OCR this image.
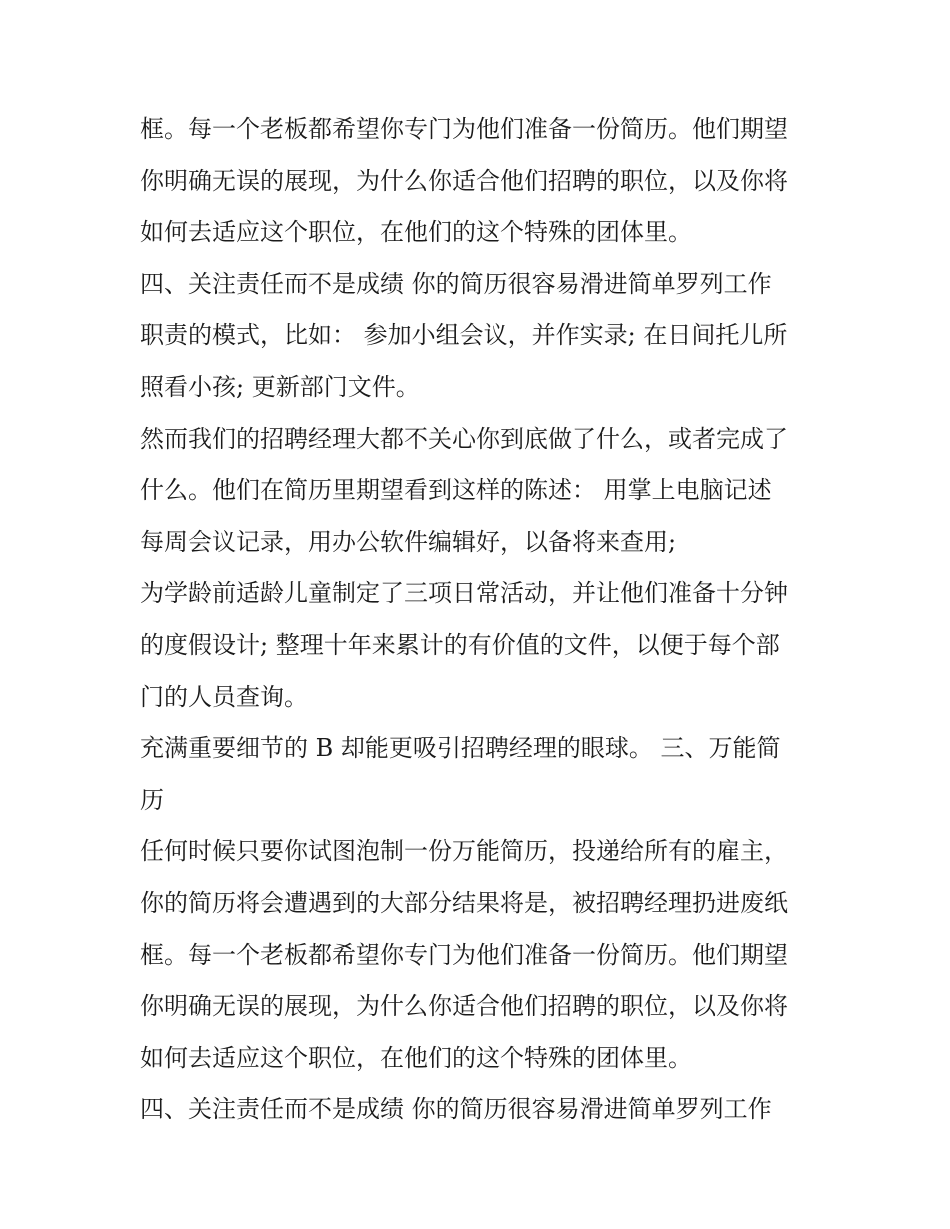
框。每一个老板都希望你专门为他们准备一份简历。他们期望
你明确无误的展现，为什么你适合他们招聘的职位，以及你将
如何去适应这个职位，在他们的这个特殊的团体里。
四、关注责任而不是成绩 你的简历很容易滑进简单罗列工作
职责的模式，比如： 参加小组会议，并作实录; 在日间托儿所
照看小孩; 更新部门文件。
然而我们的招聘经理大都不关心你到底做了什么，或者完成了
什么。他们在简历里期望看到这样的陈述： 用掌上电脑记述
每周会议记录，用办公软件编辑好，以备将来查用;
为学龄前适龄儿童制定了三项日常活动，并让他们准备十分钟
的度假设计; 整理十年来累计的有价值的文件，以便于每个部
门的人员查询。
充满重要细节的 B 却能更吸引招聘经理的眼球。 三、万能简
历
任何时候只要你试图泡制一份万能简历，投递给所有的雇主，
你的简历将会遭遇到的大部分结果将是，被招聘经理扔进废纸
框。每一个老板都希望你专门为他们准备一份简历。他们期望
你明确无误的展现，为什么你适合他们招聘的职位，以及你将
如何去适应这个职位，在他们的这个特殊的团体里。
四、关注责任而不是成绩 你的简历很容易滑进简单罗列工作
